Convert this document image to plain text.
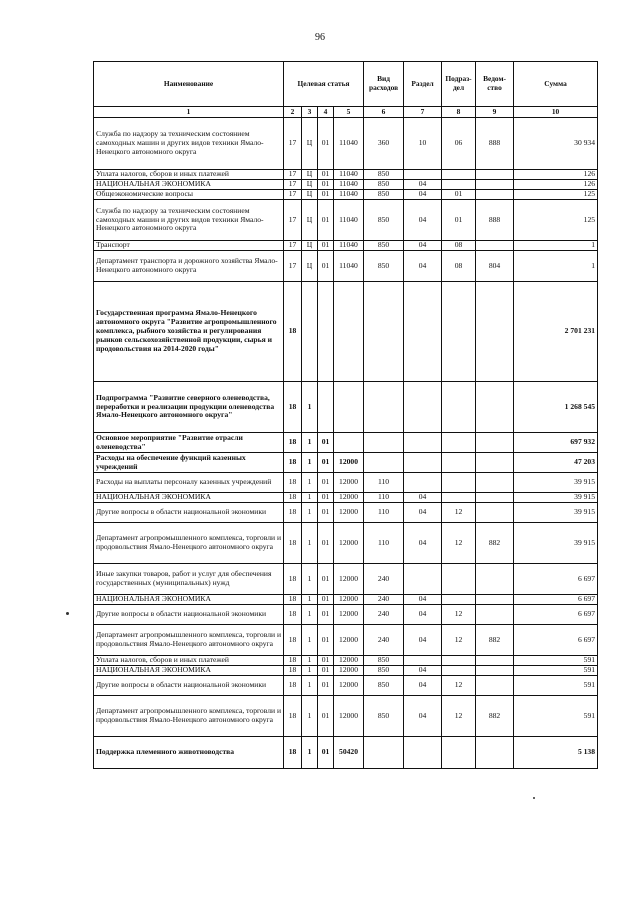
96
Наименование	Целевая статья				Вид расходов	Раздел	Подраз-дел	Ведом-ство	Сумма
1	2	3	4	5	6	7	8	9	10
Служба по надзору за техническим состоянием самоходных машин и других видов техники Ямало-Ненецкого автономного округа	17	Ц	01	11040	360	10	06	888	30 934
Уплата налогов, сборов и иных платежей	17	Ц	01	11040	850				126
НАЦИОНАЛЬНАЯ ЭКОНОМИКА	17	Ц	01	11040	850	04			126
Общеэкономические вопросы	17	Ц	01	11040	850	04	01		125
Служба по надзору за техническим состоянием самоходных машин и других видов техники Ямало-Ненецкого автономного округа	17	Ц	01	11040	850	04	01	888	125
Транспорт	17	Ц	01	11040	850	04	08		1
Департамент транспорта и дорожного хозяйства Ямало-Ненецкого автономного округа	17	Ц	01	11040	850	04	08	804	1
Государственная программа Ямало-Ненецкого автономного округа "Развитие агропромышленного комплекса, рыбного хозяйства и регулирования рынков сельскохозяйственной продукции, сырья и продовольствия на 2014-2020 годы"	18								2 701 231
Подпрограмма "Развитие северного оленеводства, переработки и реализации продукции оленеводства Ямало-Ненецкого автономного округа"	18	1							1 268 545
Основное мероприятие "Развитие отрасли оленеводства"	18	1	01						697 932
Расходы на обеспечение функций казенных учреждений	18	1	01	12000					47 203
Расходы на выплаты персоналу казенных учреждений	18	1	01	12000	110				39 915
НАЦИОНАЛЬНАЯ ЭКОНОМИКА	18	1	01	12000	110	04			39 915
Другие вопросы в области национальной экономики	18	1	01	12000	110	04	12		39 915
Департамент агропромышленного комплекса, торговли и продовольствия Ямало-Ненецкого автономного округа	18	1	01	12000	110	04	12	882	39 915
Иные закупки товаров, работ и услуг для обеспечения государственных (муниципальных) нужд	18	1	01	12000	240				6 697
НАЦИОНАЛЬНАЯ ЭКОНОМИКА	18	1	01	12000	240	04			6 697
Другие вопросы в области национальной экономики	18	1	01	12000	240	04	12		6 697
Департамент агропромышленного комплекса, торговли и продовольствия Ямало-Ненецкого автономного округа	18	1	01	12000	240	04	12	882	6 697
Уплата налогов, сборов и иных платежей	18	1	01	12000	850				591
НАЦИОНАЛЬНАЯ ЭКОНОМИКА	18	1	01	12000	850	04			591
Другие вопросы в области национальной экономики	18	1	01	12000	850	04	12		591
Департамент агропромышленного комплекса, торговли и продовольствия Ямало-Ненецкого автономного округа	18	1	01	12000	850	04	12	882	591
Поддержка племенного животноводства	18	1	01	50420					5 138
